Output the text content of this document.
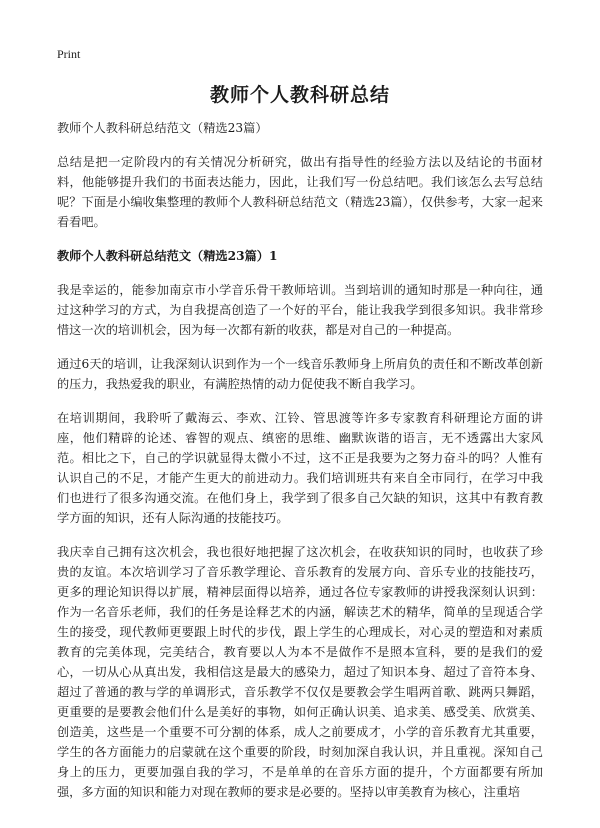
Print
教师个人教科研总结
教师个人教科研总结范文（精选23篇）

总结是把一定阶段内的有关情况分析研究，做出有指导性的经验方法以及结论的书面材料，他能够提升我们的书面表达能力，因此，让我们写一份总结吧。我们该怎么去写总结呢？下面是小编收集整理的教师个人教科研总结范文（精选23篇），仅供参考，大家一起来看看吧。

教师个人教科研总结范文（精选23篇）1

我是幸运的，能参加南京市小学音乐骨干教师培训。当到培训的通知时那是一种向往，通过这种学习的方式，为自我提高创造了一个好的平台，能让我我学到很多知识。我非常珍惜这一次的培训机会，因为每一次都有新的收获，都是对自己的一种提高。

通过6天的培训，让我深刻认识到作为一个一线音乐教师身上所肩负的责任和不断改革创新的压力，我热爱我的职业，有满腔热情的动力促使我不断自我学习。

在培训期间，我聆听了戴海云、李欢、江铃、管思渡等许多专家教育科研理论方面的讲座，他们精辟的论述、睿智的观点、缜密的思维、幽默诙谐的语言，无不透露出大家风范。相比之下，自己的学识就显得太微小不过，这不正是我要为之努力奋斗的吗？人惟有认识自己的不足，才能产生更大的前进动力。我们培训班共有来自全市同行，在学习中我们也进行了很多沟通交流。在他们身上，我学到了很多自己欠缺的知识，这其中有教育教学方面的知识，还有人际沟通的技能技巧。

我庆幸自己拥有这次机会，我也很好地把握了这次机会，在收获知识的同时，也收获了珍贵的友谊。本次培训学习了音乐教学理论、音乐教育的发展方向、音乐专业的技能技巧，更多的理论知识得以扩展，精神层面得以培养，通过各位专家教师的讲授我深刻认识到：作为一名音乐老师，我们的任务是诠释艺术的内涵，解读艺术的精华，简单的呈现适合学生的接受，现代教师更要跟上时代的步伐，跟上学生的心理成长，对心灵的塑造和对素质教育的完美体现，完美结合，教育要以人为本不是做作不是照本宣科，要的是我们的爱心，一切从心从真出发，我相信这是最大的感染力，超过了知识本身、超过了音符本身、超过了普通的教与学的单调形式，音乐教学不仅仅是要教会学生唱两首歌、跳两只舞蹈，更重要的是要教会他们什么是美好的事物，如何正确认识美、追求美、感受美、欣赏美、创造美，这些是一个重要不可分割的体系，成人之前要成才，小学的音乐教育尤其重要，学生的各方面能力的启蒙就在这个重要的阶段，时刻加深自我认识，并且重视。深知自己身上的压力，更要加强自我的学习，不是单单的在音乐方面的提升，个方面都要有所加强，多方面的知识和能力对现在教师的要求是必要的。坚持以审美教育为核心，注重培
